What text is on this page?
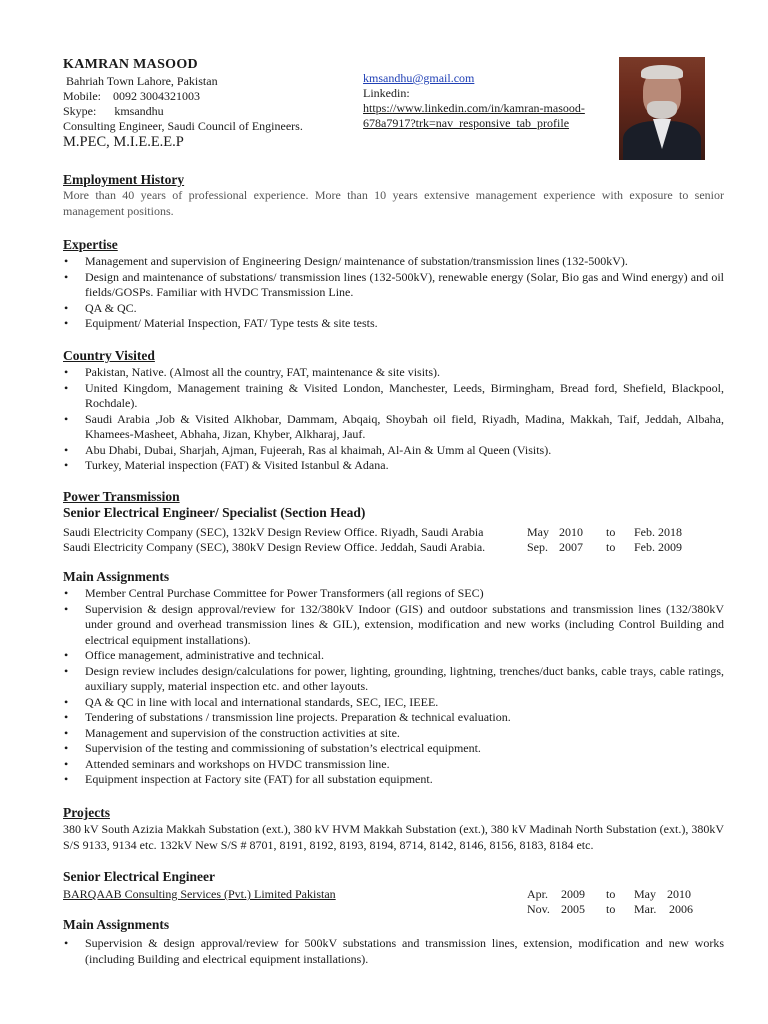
KAMRAN MASOOD
Bahriah Town Lahore, Pakistan
Mobile: 0092 3004321003
Skype: kmsandhu
Consulting Engineer, Saudi Council of Engineers.
M.PEC, M.I.E.E.E.P
kmsandhu@gmail.com
Linkedin:
https://www.linkedin.com/in/kamran-masood-
678a7917?trk=nav_responsive_tab_profile
Employment History
More than 40 years of professional experience. More than 10 years extensive management experience with exposure to senior management positions.
Expertise
• Management and supervision of Engineering Design/ maintenance of substation/transmission lines (132-500kV).
• Design and maintenance of substations/ transmission lines (132-500kV), renewable energy (Solar, Bio gas and Wind energy) and oil fields/GOSPs. Familiar with HVDC Transmission Line.
• QA & QC.
• Equipment/ Material Inspection, FAT/ Type tests & site tests.
Country Visited
• Pakistan, Native. (Almost all the country, FAT, maintenance & site visits).
• United Kingdom, Management training & Visited London, Manchester, Leeds, Birmingham, Bread ford, Shefield, Blackpool, Rochdale).
• Saudi Arabia ,Job & Visited Alkhobar, Dammam, Abqaiq, Shoybah oil field, Riyadh, Madina, Makkah, Taif, Jeddah, Albaha, Khamees-Masheet, Abhaha, Jizan, Khyber, Alkharaj, Jauf.
• Abu Dhabi, Dubai, Sharjah, Ajman, Fujeerah, Ras al khaimah, Al-Ain & Umm al Queen (Visits).
• Turkey, Material inspection (FAT) & Visited Istanbul & Adana.
Power Transmission
Senior Electrical Engineer/ Specialist (Section Head)
Saudi Electricity Company (SEC), 132kV Design Review Office. Riyadh, Saudi Arabia	May 2010 to Feb. 2018
Saudi Electricity Company (SEC), 380kV Design Review Office. Jeddah, Saudi Arabia.	Sep. 2007 to Feb. 2009
Main Assignments
• Member Central Purchase Committee for Power Transformers (all regions of SEC)
• Supervision & design approval/review for 132/380kV Indoor (GIS) and outdoor substations and transmission lines (132/380kV under ground and overhead transmission lines & GIL), extension, modification and new works (including Control Building and electrical equipment installations).
• Office management, administrative and technical.
• Design review includes design/calculations for power, lighting, grounding, lightning, trenches/duct banks, cable trays, cable ratings, auxiliary supply, material inspection etc. and other layouts.
• QA & QC in line with local and international standards, SEC, IEC, IEEE.
• Tendering of substations / transmission line projects. Preparation & technical evaluation.
• Management and supervision of the construction activities at site.
• Supervision of the testing and commissioning of substation’s electrical equipment.
• Attended seminars and workshops on HVDC transmission line.
• Equipment inspection at Factory site (FAT) for all substation equipment.
Projects
380 kV South Azizia Makkah Substation (ext.), 380 kV HVM Makkah Substation (ext.), 380 kV Madinah North Substation (ext.), 380kV S/S 9133, 9134 etc. 132kV New S/S # 8701, 8191, 8192, 8193, 8194, 8714, 8142, 8146, 8156, 8183, 8184 etc.
Senior Electrical Engineer
BARQAAB Consulting Services (Pvt.) Limited Pakistan	Apr. 2009 to May 2010
Nov. 2005 to Mar. 2006
Main Assignments
• Supervision & design approval/review for 500kV substations and transmission lines, extension, modification and new works (including Building and electrical equipment installations).
